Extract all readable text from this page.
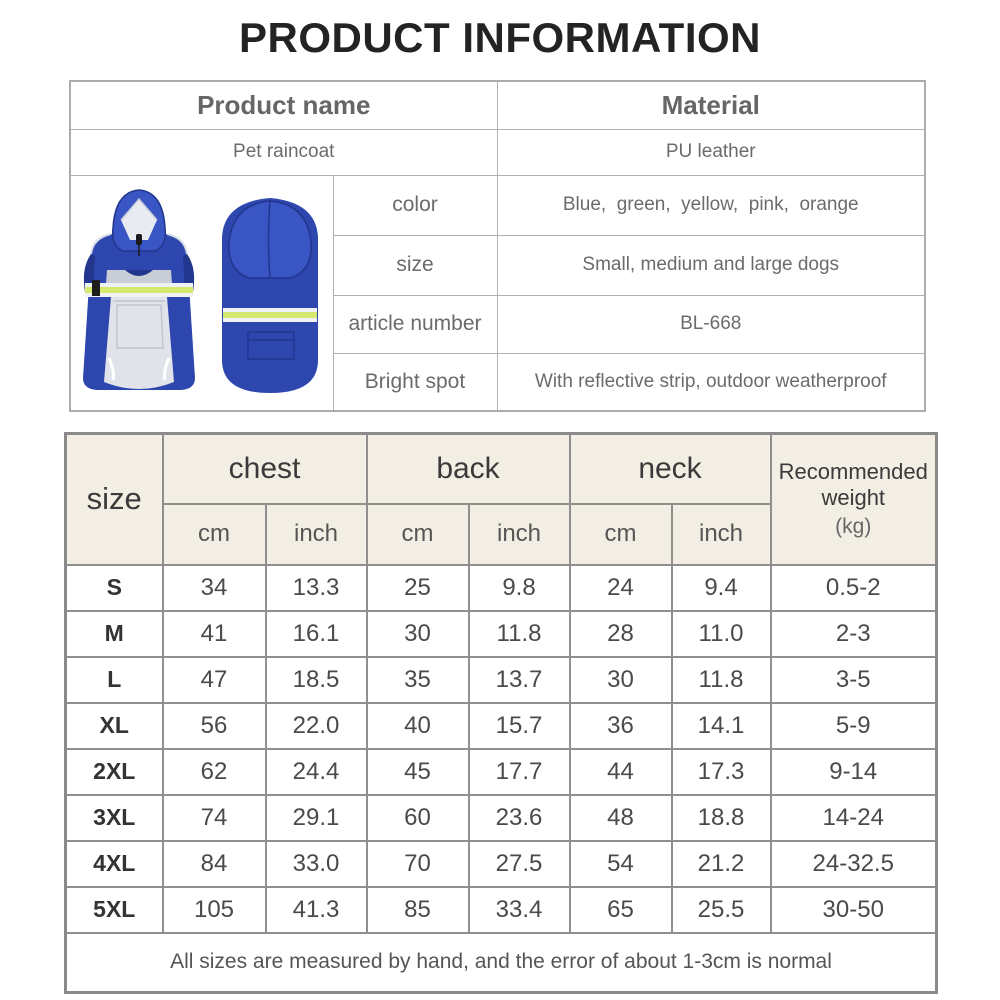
PRODUCT INFORMATION
Product name		Material
Pet raincoat		PU leather

	color	Blue,  green,  yellow,  pink,  orange
	size	Small, medium and large dogs
	article number	BL-668
	Bright spot	With reflective strip, outdoor weatherproof
size	chest		back		neck		Recommended weight
(kg)

	cm	inch	cm	inch	cm	inch	
S	34	13.3	25	9.8	24	9.4	0.5-2
M	41	16.1	30	11.8	28	11.0	2-3
L	47	18.5	35	13.7	30	11.8	3-5
XL	56	22.0	40	15.7	36	14.1	5-9
2XL	62	24.4	45	17.7	44	17.3	9-14
3XL	74	29.1	60	23.6	48	18.8	14-24
4XL	84	33.0	70	27.5	54	21.2	24-32.5
5XL	105	41.3	85	33.4	65	25.5	30-50
All sizes are measured by hand, and the error of about 1-3cm is normal							
